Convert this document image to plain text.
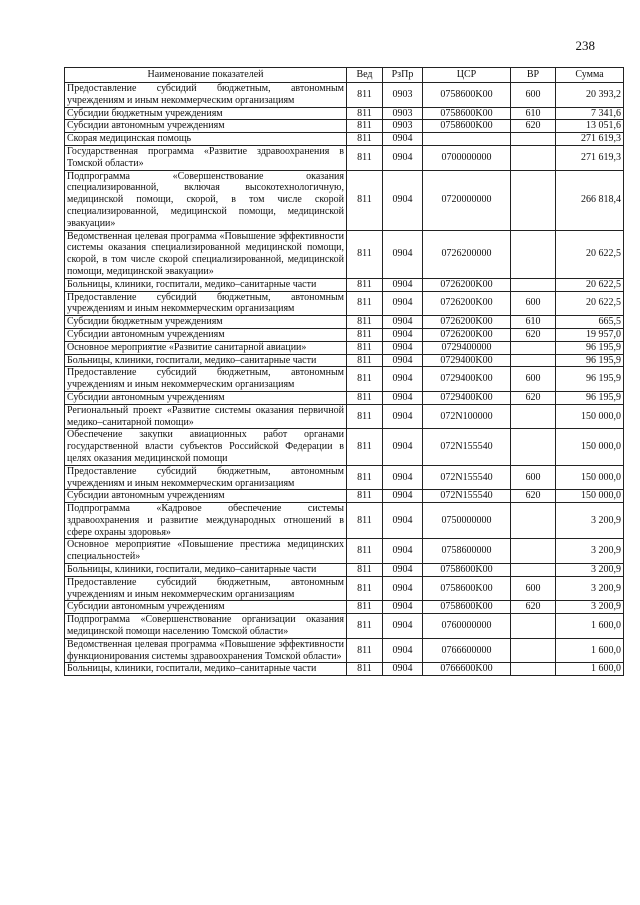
238
Наименование показателей	Вед	РзПр	ЦСР	ВР	Сумма
Предоставление субсидий бюджетным, автономным учреждениям и иным некоммерческим организациям	811	0903	0758600K00	600	20 393,2
Субсидии бюджетным учреждениям	811	0903	0758600K00	610	7 341,6
Субсидии автономным учреждениям	811	0903	0758600K00	620	13 051,6
Скорая медицинская помощь	811	0904			271 619,3
Государственная программа «Развитие здравоохранения в Томской области»	811	0904	0700000000		271 619,3
Подпрограмма «Совершенствование оказания специализированной, включая высокотехнологичную, медицинской помощи, скорой, в том числе скорой специализированной, медицинской помощи, медицинской эвакуации»	811	0904	0720000000		266 818,4
Ведомственная целевая программа «Повышение эффективности системы оказания специализированной медицинской помощи, скорой, в том числе скорой специализированной, медицинской помощи, медицинской эвакуации»	811	0904	0726200000		20 622,5
Больницы, клиники, госпитали, медико–санитарные части	811	0904	0726200K00		20 622,5
Предоставление субсидий бюджетным, автономным учреждениям и иным некоммерческим организациям	811	0904	0726200K00	600	20 622,5
Субсидии бюджетным учреждениям	811	0904	0726200K00	610	665,5
Субсидии автономным учреждениям	811	0904	0726200K00	620	19 957,0
Основное мероприятие «Развитие санитарной авиации»	811	0904	0729400000		96 195,9
Больницы, клиники, госпитали, медико–санитарные части	811	0904	0729400K00		96 195,9
Предоставление субсидий бюджетным, автономным учреждениям и иным некоммерческим организациям	811	0904	0729400K00	600	96 195,9
Субсидии автономным учреждениям	811	0904	0729400K00	620	96 195,9
Региональный проект «Развитие системы оказания первичной медико–санитарной помощи»	811	0904	072N100000		150 000,0
Обеспечение закупки авиационных работ органами государственной власти субъектов Российской Федерации в целях оказания медицинской помощи	811	0904	072N155540		150 000,0
Предоставление субсидий бюджетным, автономным учреждениям и иным некоммерческим организациям	811	0904	072N155540	600	150 000,0
Субсидии автономным учреждениям	811	0904	072N155540	620	150 000,0
Подпрограмма «Кадровое обеспечение системы здравоохранения и развитие международных отношений в сфере охраны здоровья»	811	0904	0750000000		3 200,9
Основное мероприятие «Повышение престижа медицинских специальностей»	811	0904	0758600000		3 200,9
Больницы, клиники, госпитали, медико–санитарные части	811	0904	0758600K00		3 200,9
Предоставление субсидий бюджетным, автономным учреждениям и иным некоммерческим организациям	811	0904	0758600K00	600	3 200,9
Субсидии автономным учреждениям	811	0904	0758600K00	620	3 200,9
Подпрограмма «Совершенствование организации оказания медицинской помощи населению Томской области»	811	0904	0760000000		1 600,0
Ведомственная целевая программа «Повышение эффективности функционирования системы здравоохранения Томской области»	811	0904	0766600000		1 600,0
Больницы, клиники, госпитали, медико–санитарные части	811	0904	0766600K00		1 600,0
